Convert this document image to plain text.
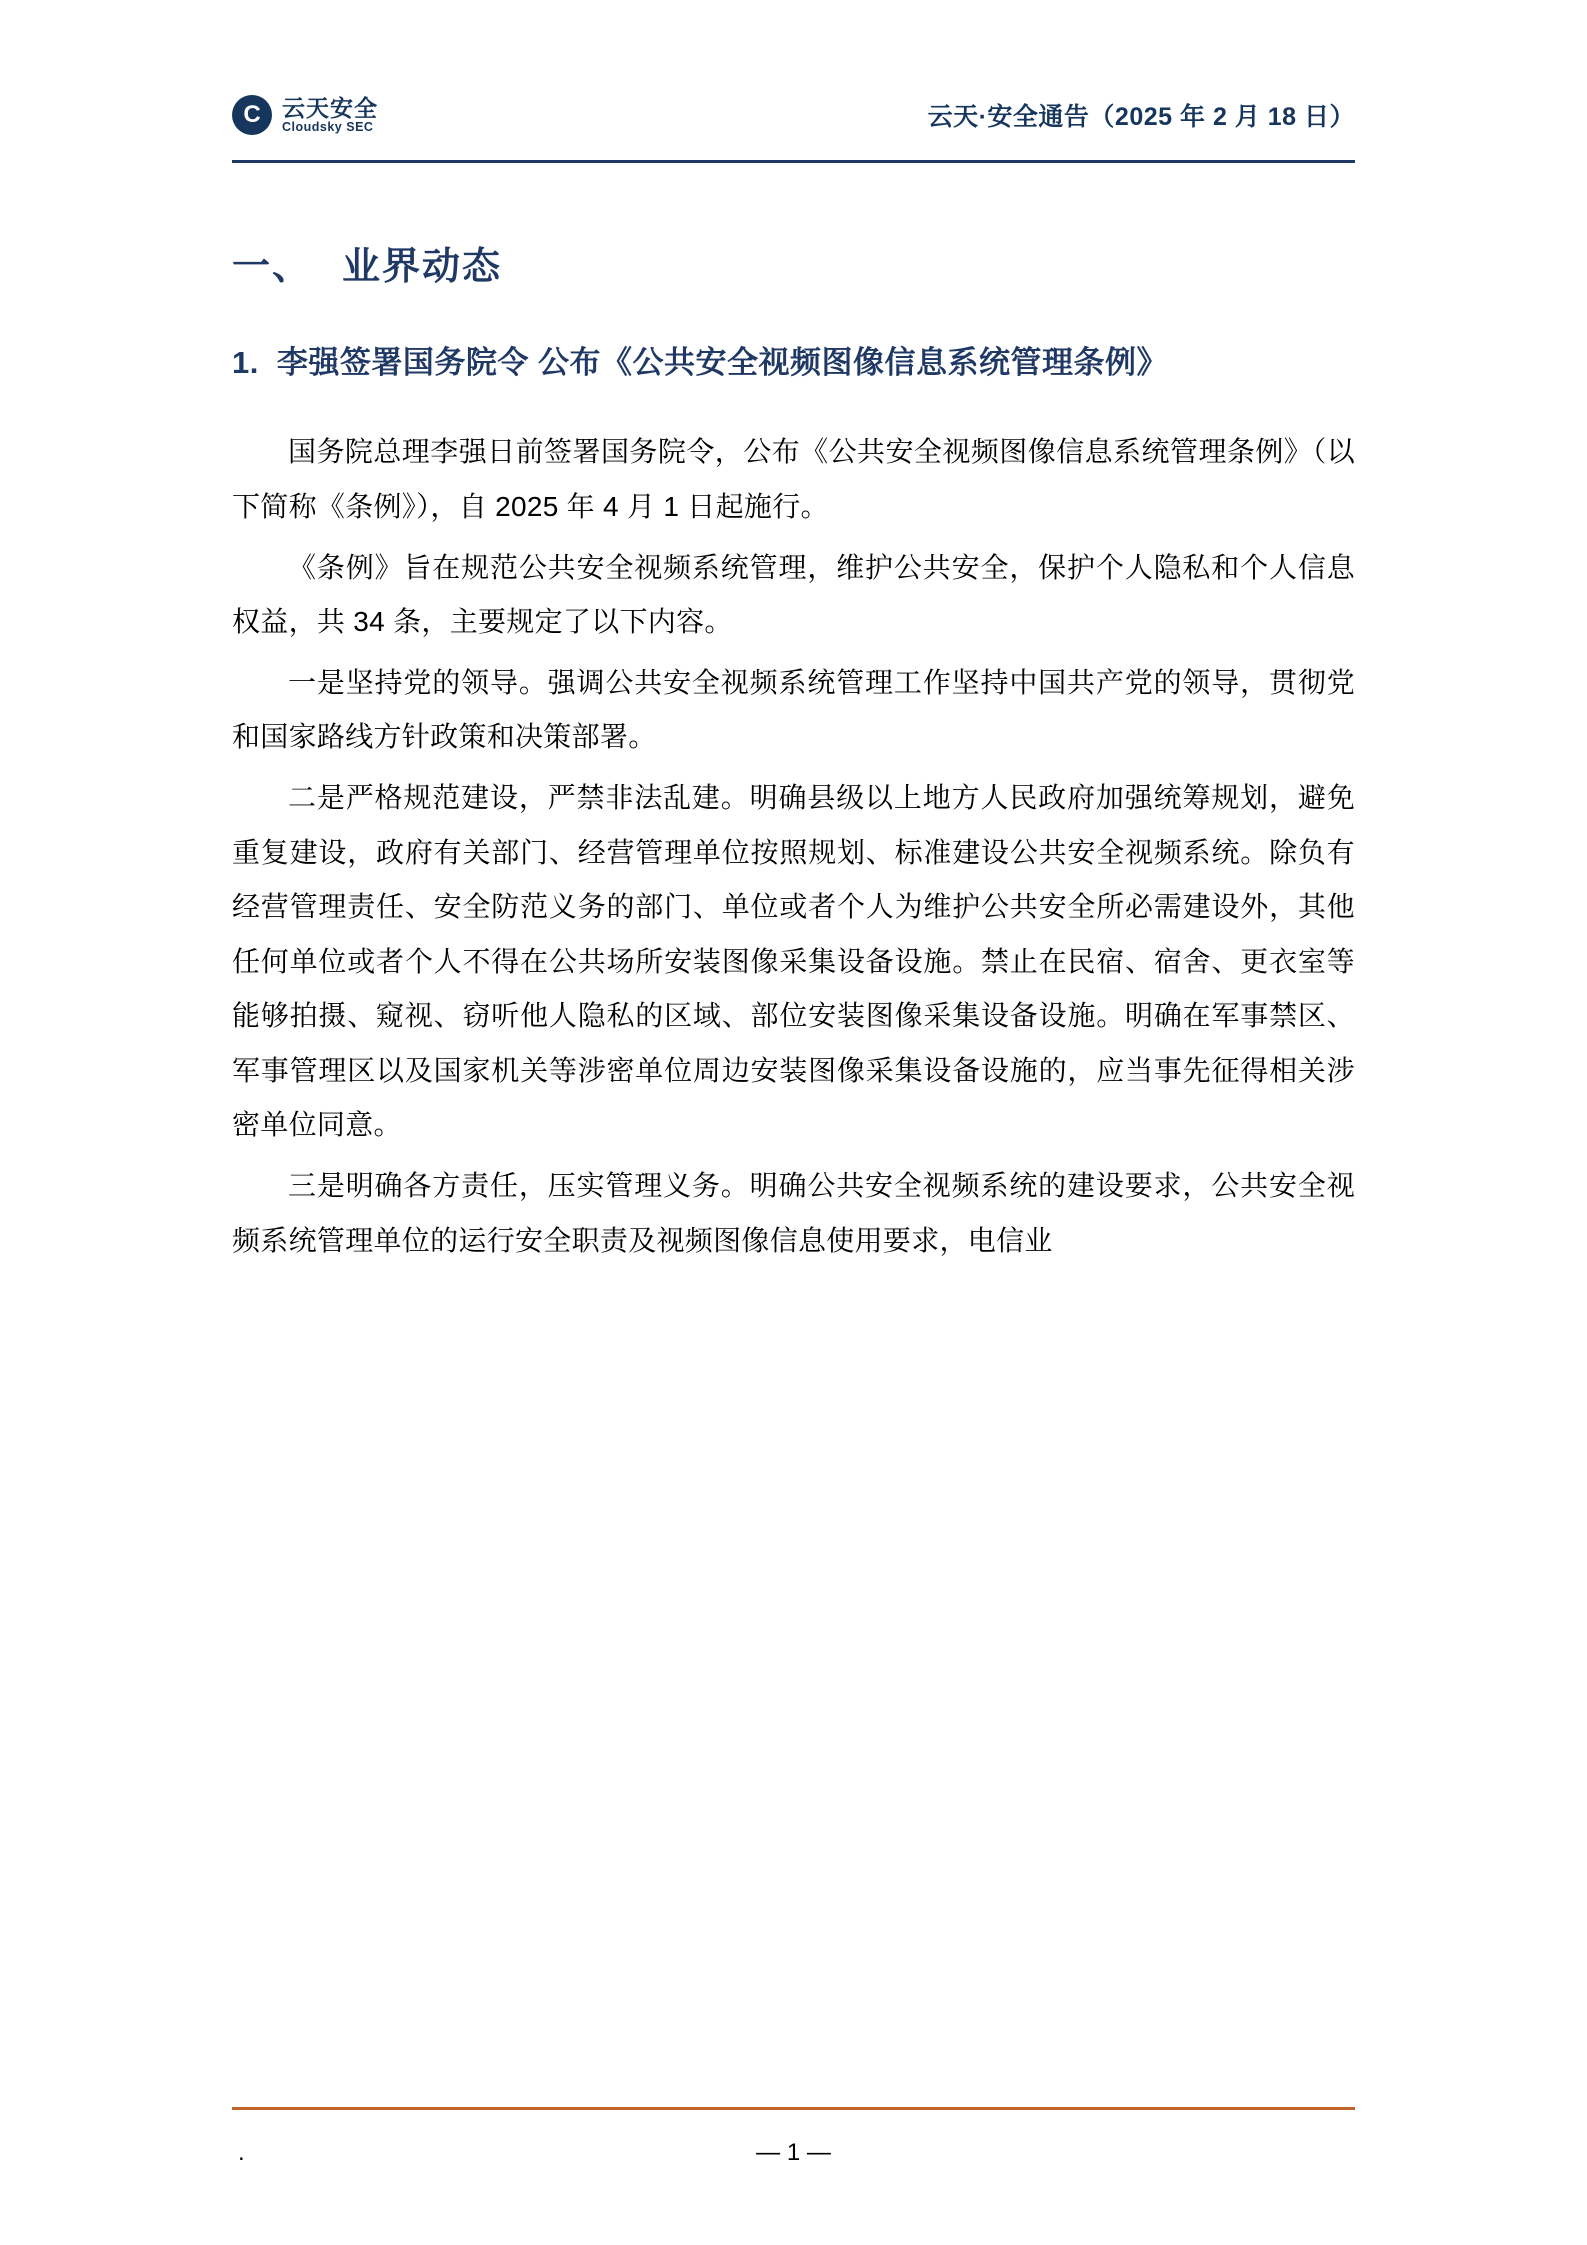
C 云天安全
Cloudsky SEC	云天·安全通告（2025 年 2 月 18 日）
一、 业界动态
1. 李强签署国务院令 公布《公共安全视频图像信息系统管理条例》

国务院总理李强日前签署国务院令，公布《公共安全视频图像信息系统管理条例》（以下简称《条例》），自 2025 年 4 月 1 日起施行。

《条例》旨在规范公共安全视频系统管理，维护公共安全，保护个人隐私和个人信息权益，共 34 条，主要规定了以下内容。

一是坚持党的领导。强调公共安全视频系统管理工作坚持中国共产党的领导，贯彻党和国家路线方针政策和决策部署。

二是严格规范建设，严禁非法乱建。明确县级以上地方人民政府加强统筹规划，避免重复建设，政府有关部门、经营管理单位按照规划、标准建设公共安全视频系统。除负有经营管理责任、安全防范义务的部门、单位或者个人为维护公共安全所必需建设外，其他任何单位或者个人不得在公共场所安装图像采集设备设施。禁止在民宿、宿舍、更衣室等能够拍摄、窥视、窃听他人隐私的区域、部位安装图像采集设备设施。明确在军事禁区、军事管理区以及国家机关等涉密单位周边安装图像采集设备设施的，应当事先征得相关涉密单位同意。

三是明确各方责任，压实管理义务。明确公共安全视频系统的建设要求，公共安全视频系统管理单位的运行安全职责及视频图像信息使用要求，电信业

.	— 1 —
